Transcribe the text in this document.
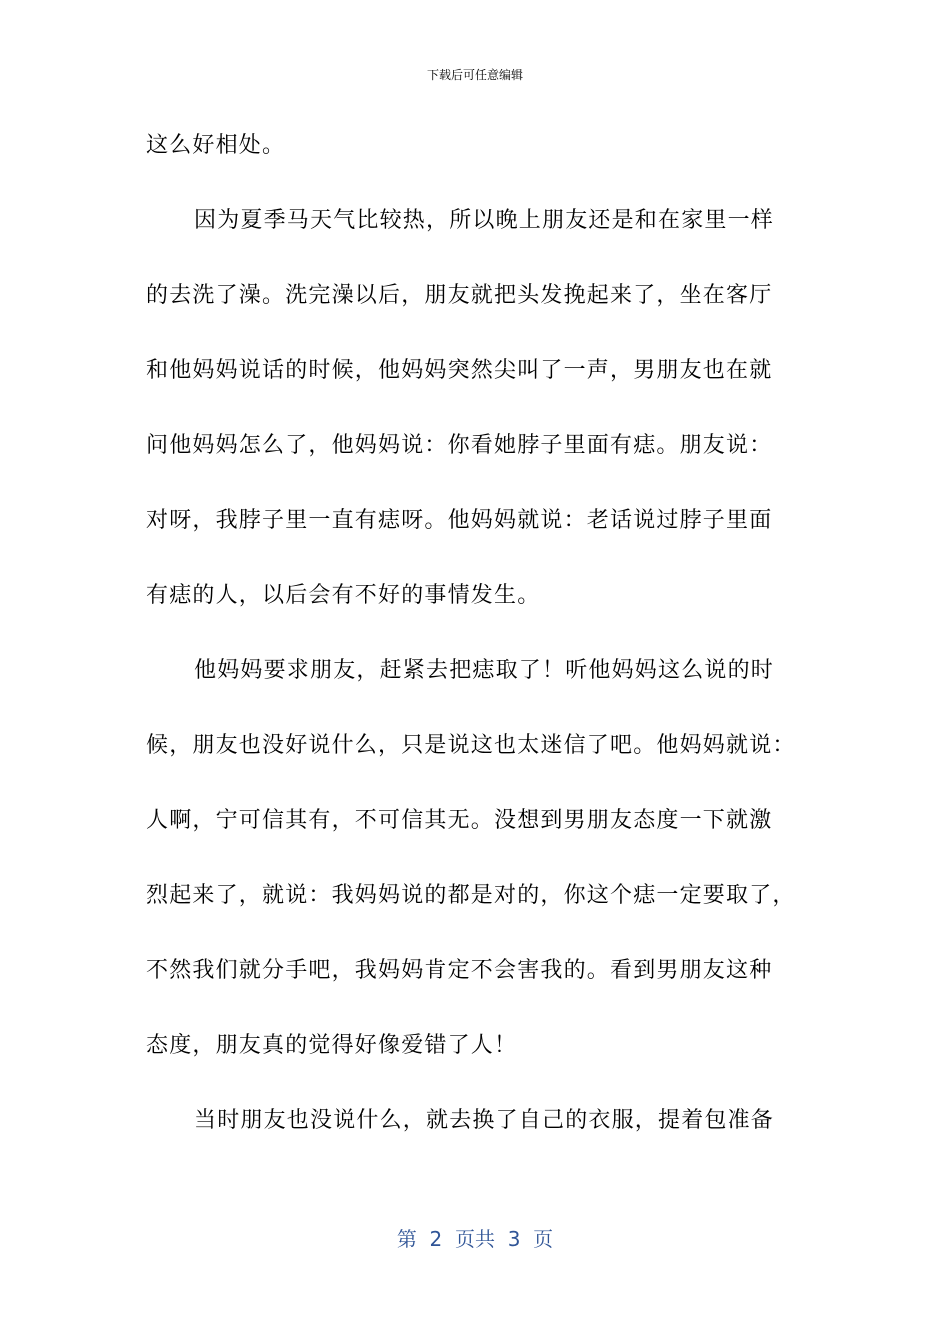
下载后可任意编辑
这么好相处。
因为夏季马天气比较热，所以晚上朋友还是和在家里一样
的去洗了澡。洗完澡以后，朋友就把头发挽起来了，坐在客厅
和他妈妈说话的时候，他妈妈突然尖叫了一声，男朋友也在就
问他妈妈怎么了，他妈妈说：你看她脖子里面有痣。朋友说：
对呀，我脖子里一直有痣呀。他妈妈就说：老话说过脖子里面
有痣的人，以后会有不好的事情发生。
他妈妈要求朋友，赶紧去把痣取了！听他妈妈这么说的时
候，朋友也没好说什么，只是说这也太迷信了吧。他妈妈就说：
人啊，宁可信其有，不可信其无。没想到男朋友态度一下就激
烈起来了，就说：我妈妈说的都是对的，你这个痣一定要取了，
不然我们就分手吧，我妈妈肯定不会害我的。看到男朋友这种
态度，朋友真的觉得好像爱错了人！
当时朋友也没说什么，就去换了自己的衣服，提着包准备
第  2  页共  3  页
